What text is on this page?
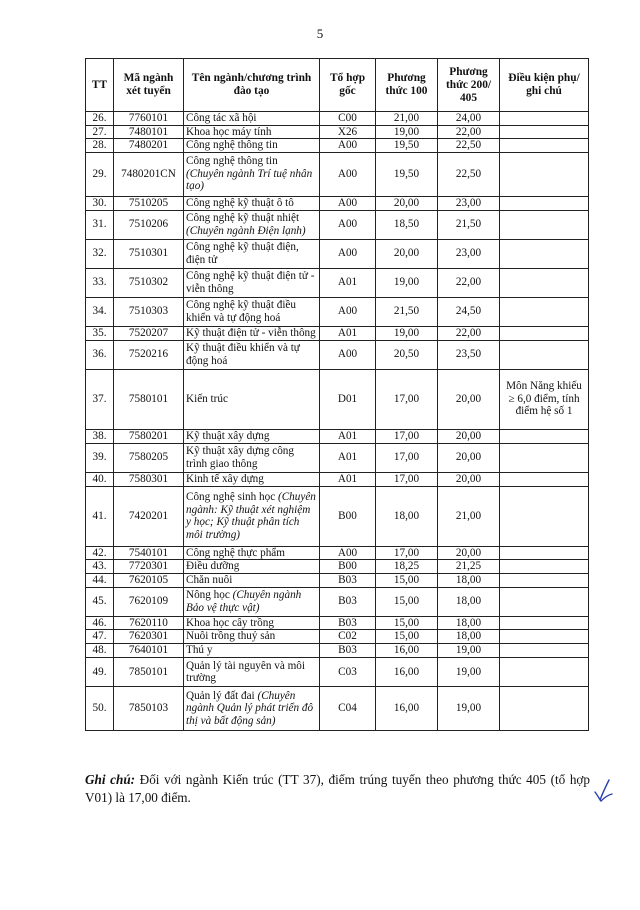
5
TT	Mã ngành xét tuyển	Tên ngành/chương trình đào tạo	Tổ hợp gốc	Phương thức 100	Phương thức 200/ 405	Điều kiện phụ/ ghi chú
26.	7760101	Công tác xã hội	C00	21,00	24,00	
27.	7480101	Khoa học máy tính	X26	19,00	22,00	
28.	7480201	Công nghệ thông tin	A00	19,50	22,50	
29.	7480201CN	Công nghệ thông tin (Chuyên ngành Trí tuệ nhân tạo)	A00	19,50	22,50	
30.	7510205	Công nghệ kỹ thuật ô tô	A00	20,00	23,00	
31.	7510206	Công nghệ kỹ thuật nhiệt (Chuyên ngành Điện lạnh)	A00	18,50	21,50	
32.	7510301	Công nghệ kỹ thuật điện, điện tử	A00	20,00	23,00	
33.	7510302	Công nghệ kỹ thuật điện tử - viễn thông	A01	19,00	22,00	
34.	7510303	Công nghệ kỹ thuật điều khiển và tự động hoá	A00	21,50	24,50	
35.	7520207	Kỹ thuật điện tử - viễn thông	A01	19,00	22,00	
36.	7520216	Kỹ thuật điều khiển và tự động hoá	A00	20,50	23,50	
37.	7580101	Kiến trúc	D01	17,00	20,00	Môn Năng khiếu ≥ 6,0 điểm, tính điểm hệ số 1
38.	7580201	Kỹ thuật xây dựng	A01	17,00	20,00	
39.	7580205	Kỹ thuật xây dựng công trình giao thông	A01	17,00	20,00	
40.	7580301	Kinh tế xây dựng	A01	17,00	20,00	
41.	7420201	Công nghệ sinh học (Chuyên ngành: Kỹ thuật xét nghiệm y học; Kỹ thuật phân tích môi trường)	B00	18,00	21,00	
42.	7540101	Công nghệ thực phẩm	A00	17,00	20,00	
43.	7720301	Điều dưỡng	B00	18,25	21,25	
44.	7620105	Chăn nuôi	B03	15,00	18,00	
45.	7620109	Nông học (Chuyên ngành Bảo vệ thực vật)	B03	15,00	18,00	
46.	7620110	Khoa học cây trồng	B03	15,00	18,00	
47.	7620301	Nuôi trồng thuỷ sản	C02	15,00	18,00	
48.	7640101	Thú y	B03	16,00	19,00	
49.	7850101	Quản lý tài nguyên và môi trường	C03	16,00	19,00	
50.	7850103	Quản lý đất đai (Chuyên ngành Quản lý phát triển đô thị và bất động sản)	C04	16,00	19,00	
Ghi chú: Đối với ngành Kiến trúc (TT 37), điểm trúng tuyển theo phương thức 405 (tổ hợp V01) là 17,00 điểm.
